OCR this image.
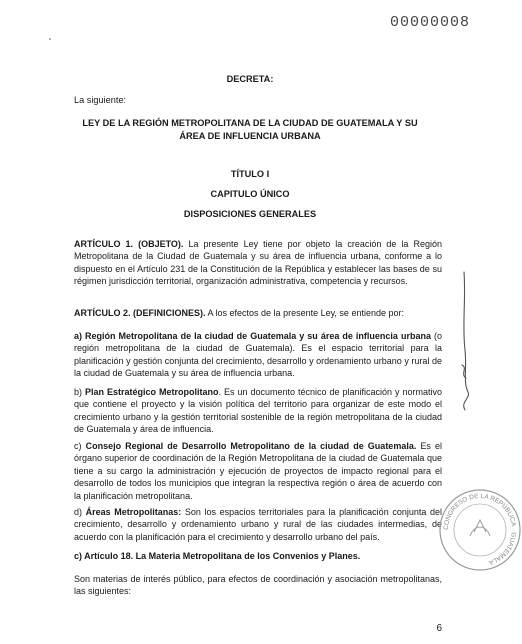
00000008
DECRETA:
La siguiente:
LEY DE LA REGIÓN METROPOLITANA DE LA CIUDAD DE GUATEMALA Y SU ÁREA DE INFLUENCIA URBANA
TÍTULO I
CAPITULO ÚNICO
DISPOSICIONES GENERALES
ARTÍCULO 1. (OBJETO). La presente Ley tiene por objeto la creación de la Región Metropolitana de la Ciudad de Guatemala y su área de influencia urbana, conforme a lo dispuesto en el Artículo 231 de la Constitución de la República y establecer las bases de su régimen jurisdicción territorial, organización administrativa, competencia y recursos.
ARTÍCULO 2. (DEFINICIONES). A los efectos de la presente Ley, se entiende por:
a) Región Metropolitana de la ciudad de Guatemala y su área de influencia urbana (o región metropolitana de la ciudad de Guatemala). Es el espacio territorial para la planificación y gestión conjunta del crecimiento, desarrollo y ordenamiento urbano y rural de la ciudad de Guatemala y su área de influencia urbana.
b) Plan Estratégico Metropolitano. Es un documento técnico de planificación y normativo que contiene el proyecto y la visión política del territorio para organizar de este modo el crecimiento urbano y la gestión territorial sostenible de la región metropolitana de la ciudad de Guatemala y área de influencia.
c) Consejo Regional de Desarrollo Metropolitano de la ciudad de Guatemala. Es el órgano superior de coordinación de la Región Metropolitana de la ciudad de Guatemala que tiene a su cargo la administración y ejecución de proyectos de impacto regional para el desarrollo de todos los municipios que integran la respectiva región o área de acuerdo con la planificación metropolitana.
d) Áreas Metropolitanas: Son los espacios territoriales para la planificación conjunta del crecimiento, desarrollo y ordenamiento urbano y rural de las ciudades intermedias, de acuerdo con la planificación para el crecimiento y desarrollo urbano del país.
c) Artículo 18. La Materia Metropolitana de los Convenios y Planes.
Son materias de interés público, para efectos de coordinación y asociación metropolitanas, las siguientes:
6
CONGRESO DE LA REPÚBLICA · GUATEMALA
